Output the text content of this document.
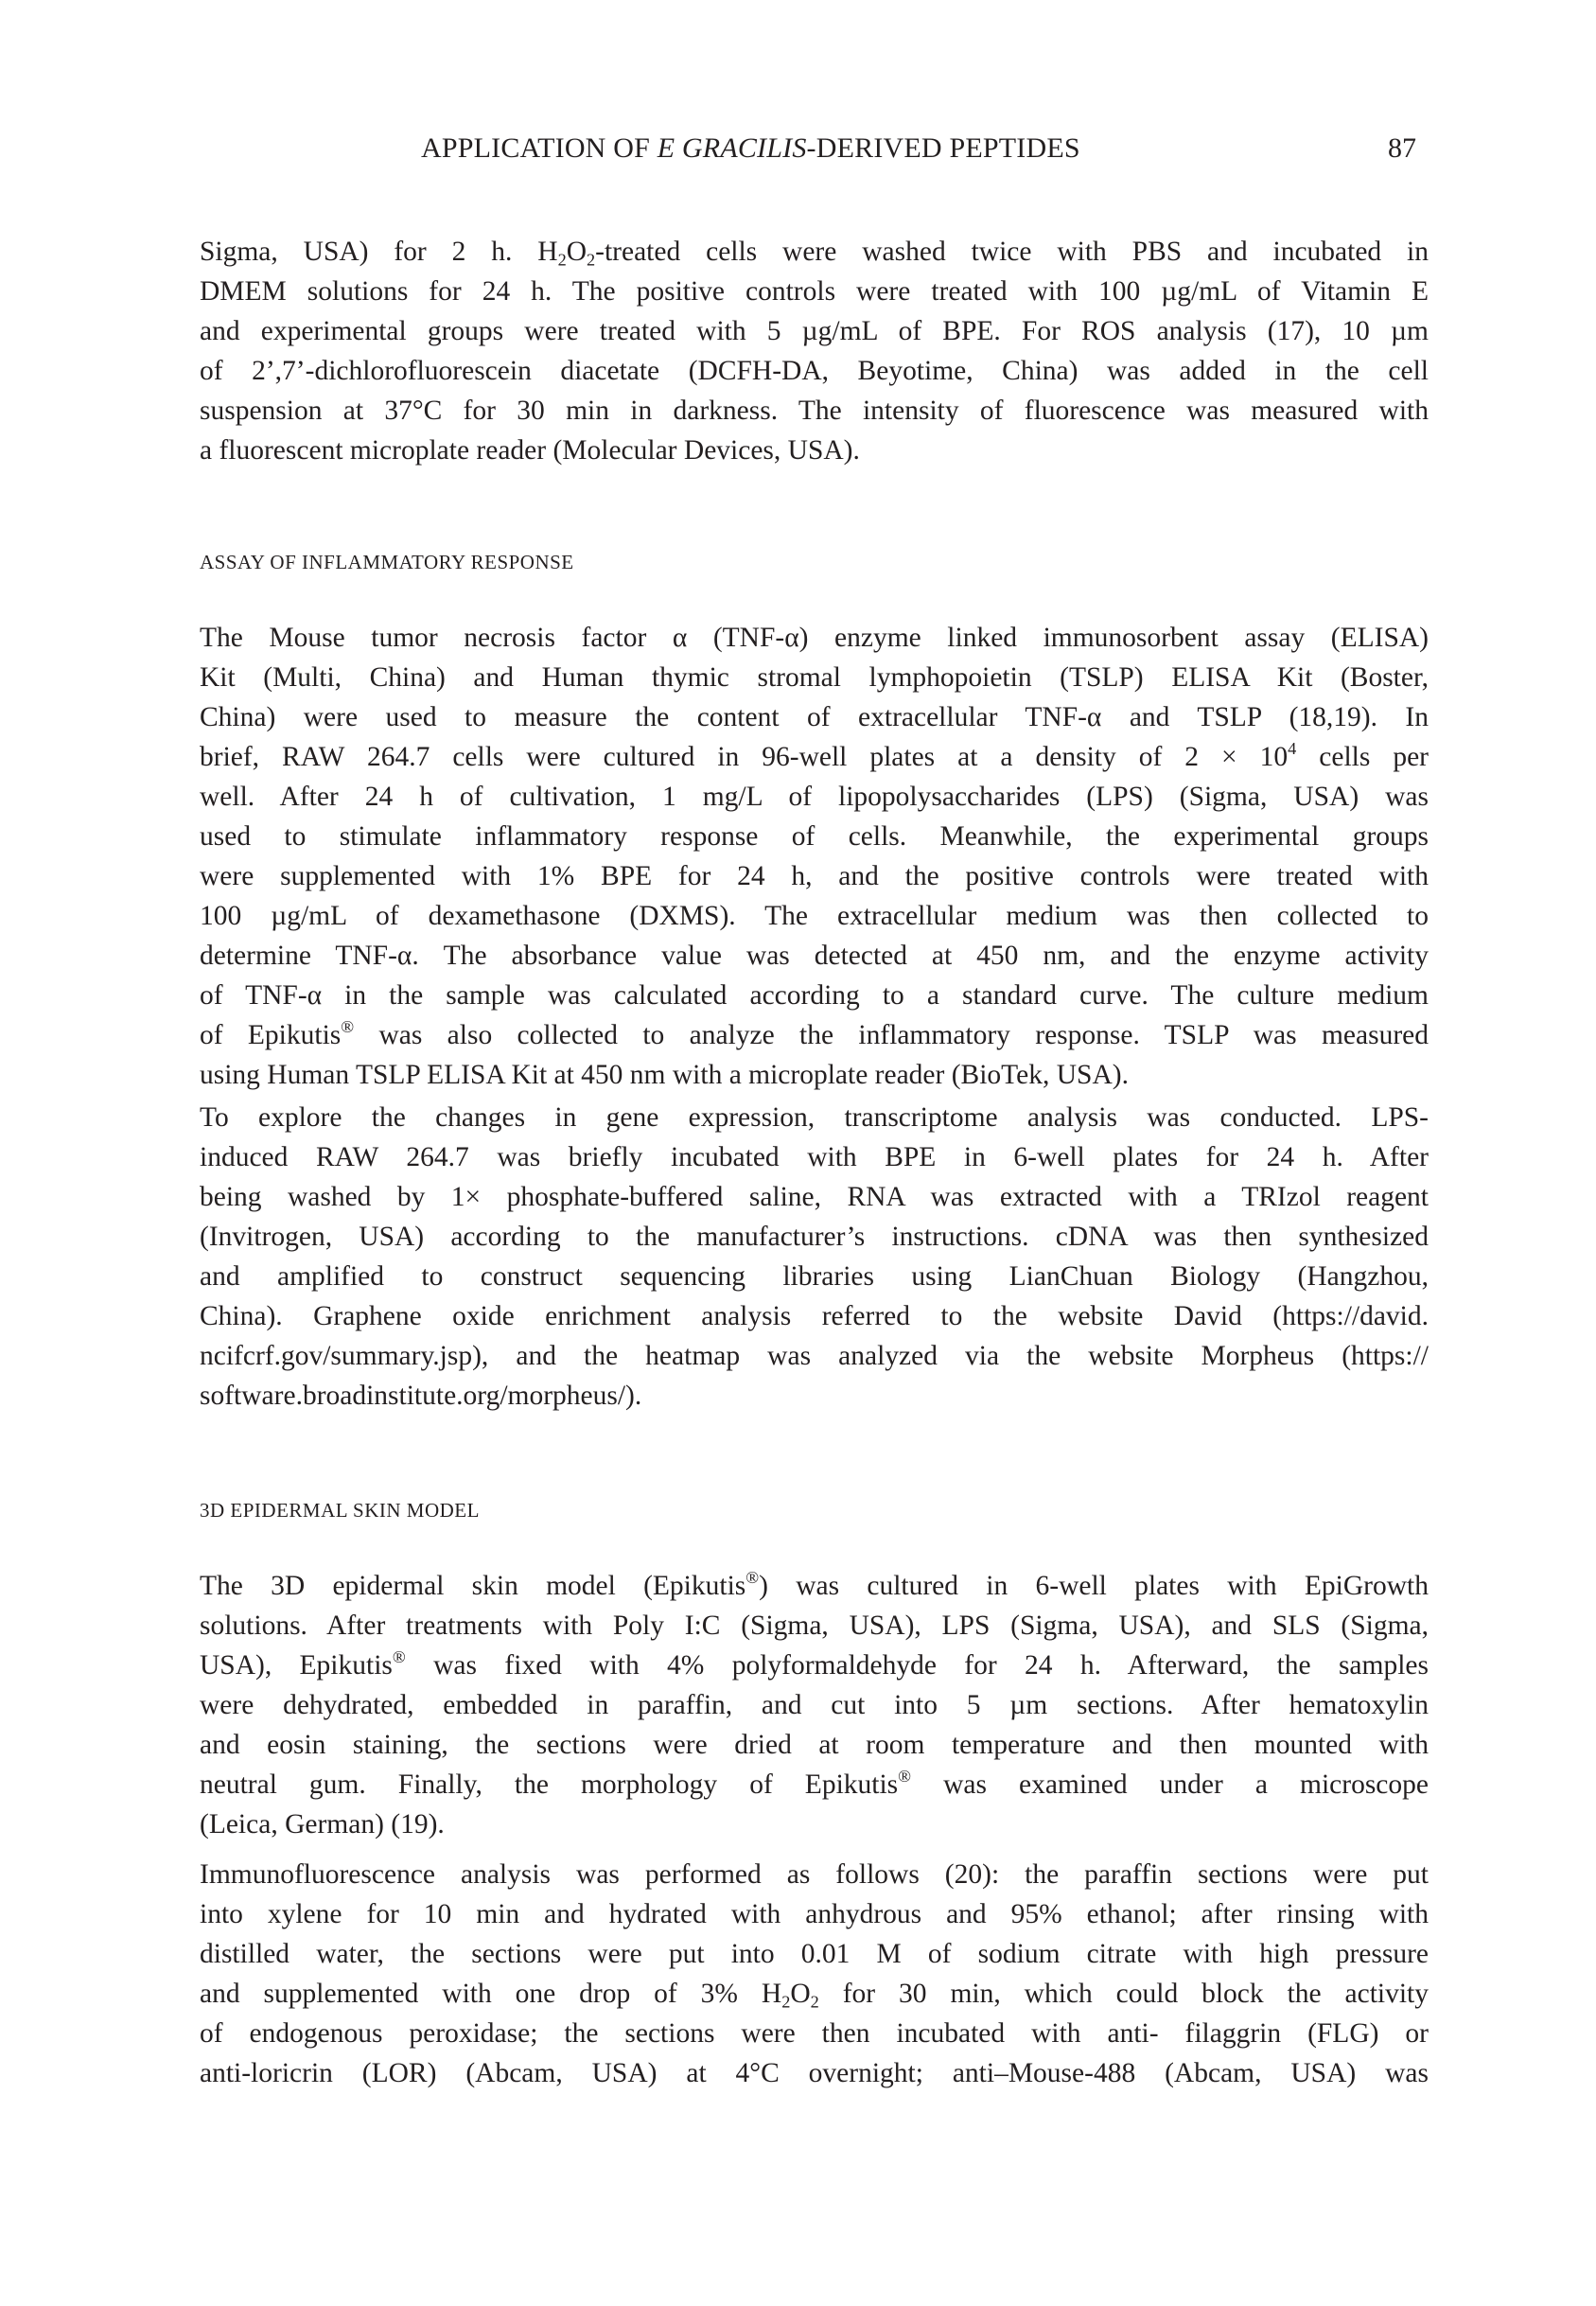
APPLICATION OF E GRACILIS-DERIVED PEPTIDES	87
Sigma, USA) for 2 h. $H_2O_2$-treated cells were washed twice with PBS and incubated in
DMEM solutions for 24 h. The positive controls were treated with 100 µg/mL of Vitamin E
and experimental groups were treated with 5 µg/mL of BPE. For ROS analysis (17), 10 µm
of 2’,7’-dichlorofluorescein diacetate (DCFH-DA, Beyotime, China) was added in the cell
suspension at 37°C for 30 min in darkness. The intensity of fluorescence was measured with
a fluorescent microplate reader (Molecular Devices, USA).
ASSAY OF INFLAMMATORY RESPONSE
The Mouse tumor necrosis factor α (TNF-α) enzyme linked immunosorbent assay (ELISA)
Kit (Multi, China) and Human thymic stromal lymphopoietin (TSLP) ELISA Kit (Boster,
China) were used to measure the content of extracellular TNF-α and TSLP (18,19). In
brief, RAW 264.7 cells were cultured in 96-well plates at a density of $2 \times 10^4$ cells per
well. After 24 h of cultivation, 1 mg/L of lipopolysaccharides (LPS) (Sigma, USA) was
used to stimulate inflammatory response of cells. Meanwhile, the experimental groups
were supplemented with 1% BPE for 24 h, and the positive controls were treated with
100 µg/mL of dexamethasone (DXMS). The extracellular medium was then collected to
determine TNF-α. The absorbance value was detected at 450 nm, and the enzyme activity
of TNF-α in the sample was calculated according to a standard curve. The culture medium
of Epikutis® was also collected to analyze the inflammatory response. TSLP was measured
using Human TSLP ELISA Kit at 450 nm with a microplate reader (BioTek, USA).
To explore the changes in gene expression, transcriptome analysis was conducted. LPS-
induced RAW 264.7 was briefly incubated with BPE in 6-well plates for 24 h. After
being washed by 1× phosphate-buffered saline, RNA was extracted with a TRIzol reagent
(Invitrogen, USA) according to the manufacturer’s instructions. cDNA was then synthesized
and amplified to construct sequencing libraries using LianChuan Biology (Hangzhou,
China). Graphene oxide enrichment analysis referred to the website David (https://david.
ncifcrf.gov/summary.jsp), and the heatmap was analyzed via the website Morpheus (https://
software.broadinstitute.org/morpheus/).
3D EPIDERMAL SKIN MODEL
The 3D epidermal skin model (Epikutis®) was cultured in 6-well plates with EpiGrowth
solutions. After treatments with Poly I:C (Sigma, USA), LPS (Sigma, USA), and SLS (Sigma,
USA), Epikutis® was fixed with 4% polyformaldehyde for 24 h. Afterward, the samples
were dehydrated, embedded in paraffin, and cut into 5 µm sections. After hematoxylin
and eosin staining, the sections were dried at room temperature and then mounted with
neutral gum. Finally, the morphology of Epikutis® was examined under a microscope
(Leica, German) (19).
Immunofluorescence analysis was performed as follows (20): the paraffin sections were put
into xylene for 10 min and hydrated with anhydrous and 95% ethanol; after rinsing with
distilled water, the sections were put into 0.01 M of sodium citrate with high pressure
and supplemented with one drop of 3% $H_2O_2$ for 30 min, which could block the activity
of endogenous peroxidase; the sections were then incubated with anti- filaggrin (FLG) or
anti-loricrin (LOR) (Abcam, USA) at 4°C overnight; anti–Mouse-488 (Abcam, USA) was
